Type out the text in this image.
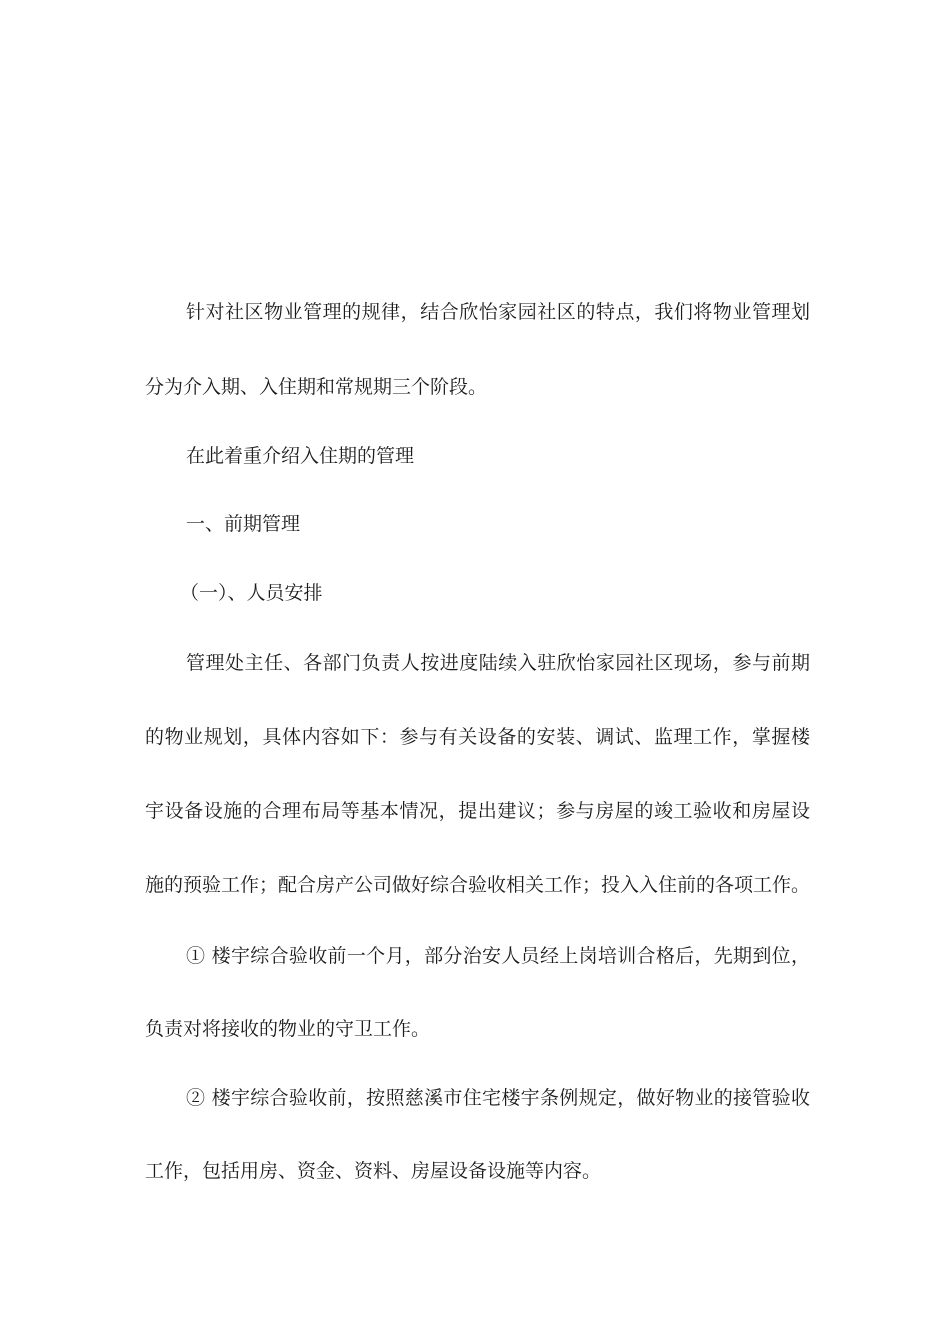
针对社区物业管理的规律，结合欣怡家园社区的特点，我们将物业管理划
分为介入期、入住期和常规期三个阶段。
在此着重介绍入住期的管理
一、前期管理
（一）、人员安排
管理处主任、各部门负责人按进度陆续入驻欣怡家园社区现场，参与前期
的物业规划，具体内容如下：参与有关设备的安装、调试、监理工作，掌握楼
宇设备设施的合理布局等基本情况，提出建议；参与房屋的竣工验收和房屋设
施的预验工作；配合房产公司做好综合验收相关工作；投入入住前的各项工作。
① 楼宇综合验收前一个月，部分治安人员经上岗培训合格后，先期到位，
负责对将接收的物业的守卫工作。
② 楼宇综合验收前，按照慈溪市住宅楼宇条例规定，做好物业的接管验收
工作，包括用房、资金、资料、房屋设备设施等内容。
